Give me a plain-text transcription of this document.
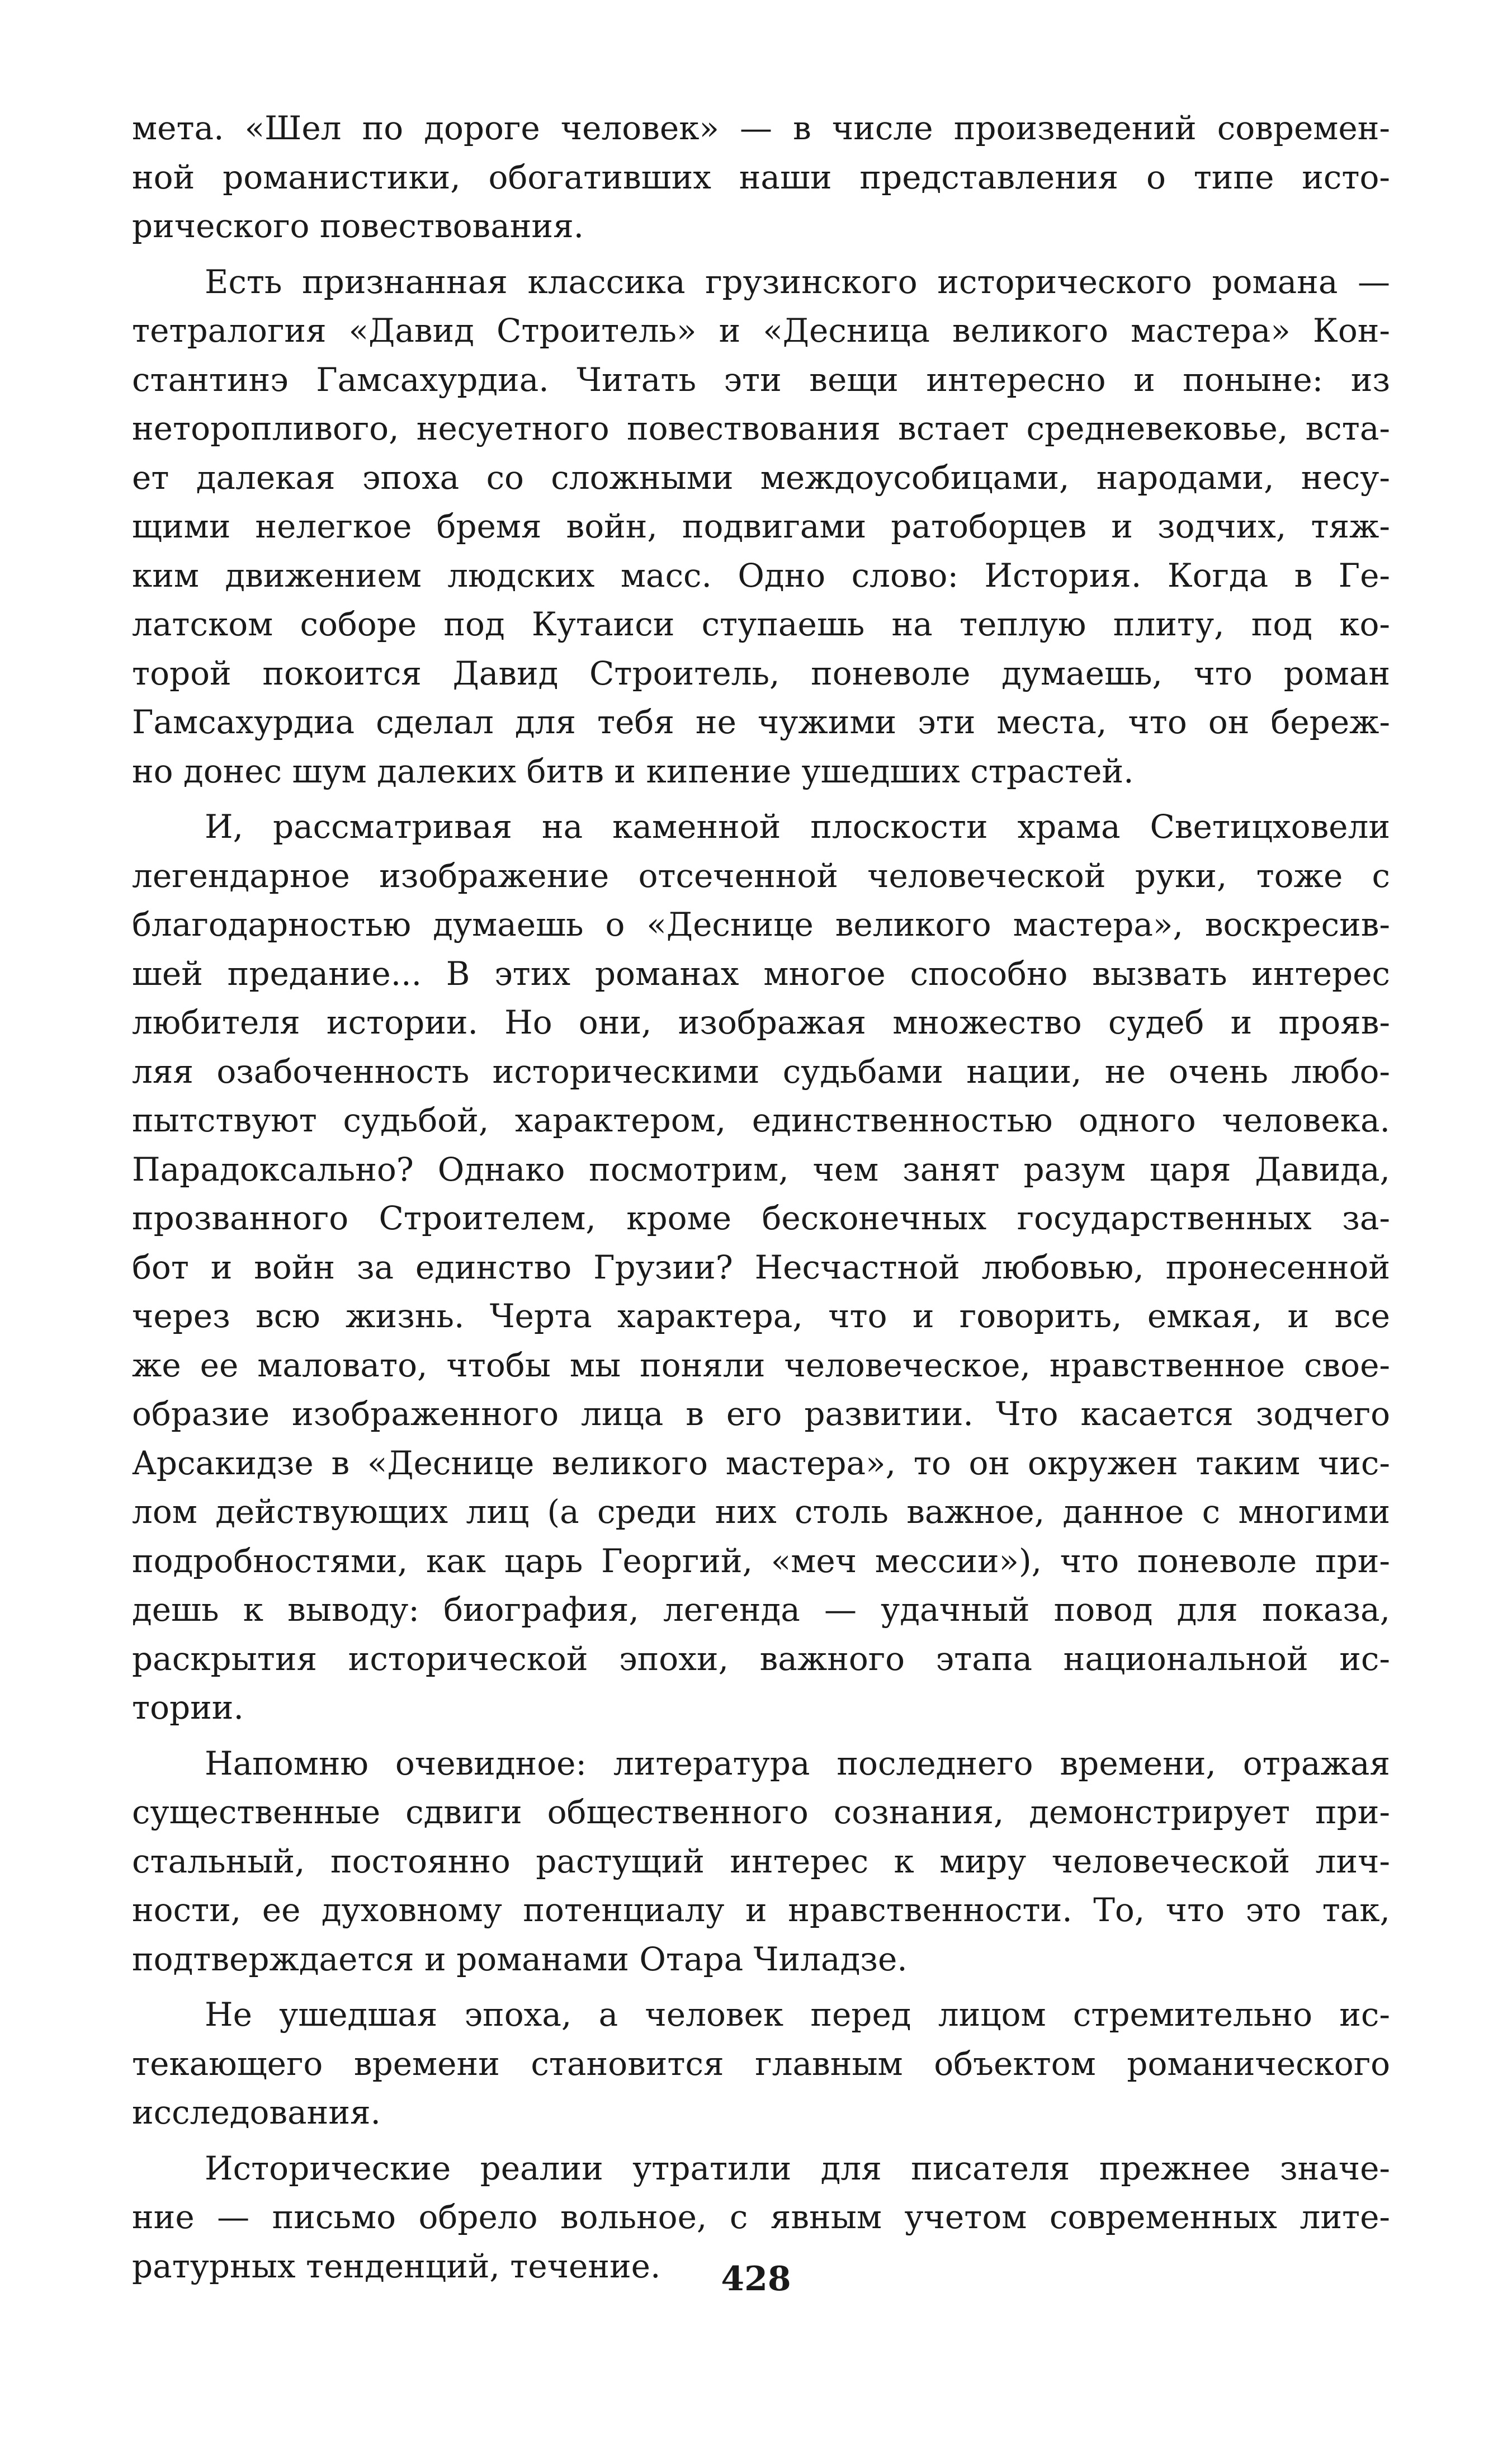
мета. «Шел по дороге человек» — в числе произведений современ-
ной романистики, обогативших наши представления о типе исто-
рического повествования.
Есть признанная классика грузинского исторического романа —
тетралогия «Давид Строитель» и «Десница великого мастера» Кон-
стантинэ Гамсахурдиа. Читать эти вещи интересно и поныне: из
неторопливого, несуетного повествования встает средневековье, вста-
ет далекая эпоха со сложными междоусобицами, народами, несу-
щими нелегкое бремя войн, подвигами ратоборцев и зодчих, тяж-
ким движением людских масс. Одно слово: История. Когда в Ге-
латском соборе под Кутаиси ступаешь на теплую плиту, под ко-
торой покоится Давид Строитель, поневоле думаешь, что роман
Гамсахурдиа сделал для тебя не чужими эти места, что он береж-
но донес шум далеких битв и кипение ушедших страстей.
И, рассматривая на каменной плоскости храма Светицховели
легендарное изображение отсеченной человеческой руки, тоже с
благодарностью думаешь о «Деснице великого мастера», воскресив-
шей предание... В этих романах многое способно вызвать интерес
любителя истории. Но они, изображая множество судеб и прояв-
ляя озабоченность историческими судьбами нации, не очень любо-
пытствуют судьбой, характером, единственностью одного человека.
Парадоксально? Однако посмотрим, чем занят разум царя Давида,
прозванного Строителем, кроме бесконечных государственных за-
бот и войн за единство Грузии? Несчастной любовью, пронесенной
через всю жизнь. Черта характера, что и говорить, емкая, и все
же ее маловато, чтобы мы поняли человеческое, нравственное свое-
образие изображенного лица в его развитии. Что касается зодчего
Арсакидзе в «Деснице великого мастера», то он окружен таким чис-
лом действующих лиц (а среди них столь важное, данное с многими
подробностями, как царь Георгий, «меч мессии»), что поневоле при-
дешь к выводу: биография, легенда — удачный повод для показа,
раскрытия исторической эпохи, важного этапа национальной ис-
тории.
Напомню очевидное: литература последнего времени, отражая
существенные сдвиги общественного сознания, демонстрирует при-
стальный, постоянно растущий интерес к миру человеческой лич-
ности, ее духовному потенциалу и нравственности. То, что это так,
подтверждается и романами Отара Чиладзе.
Не ушедшая эпоха, а человек перед лицом стремительно ис-
текающего времени становится главным объектом романического
исследования.
Исторические реалии утратили для писателя прежнее значе-
ние — письмо обрело вольное, с явным учетом современных лите-
ратурных тенденций, течение.	428
